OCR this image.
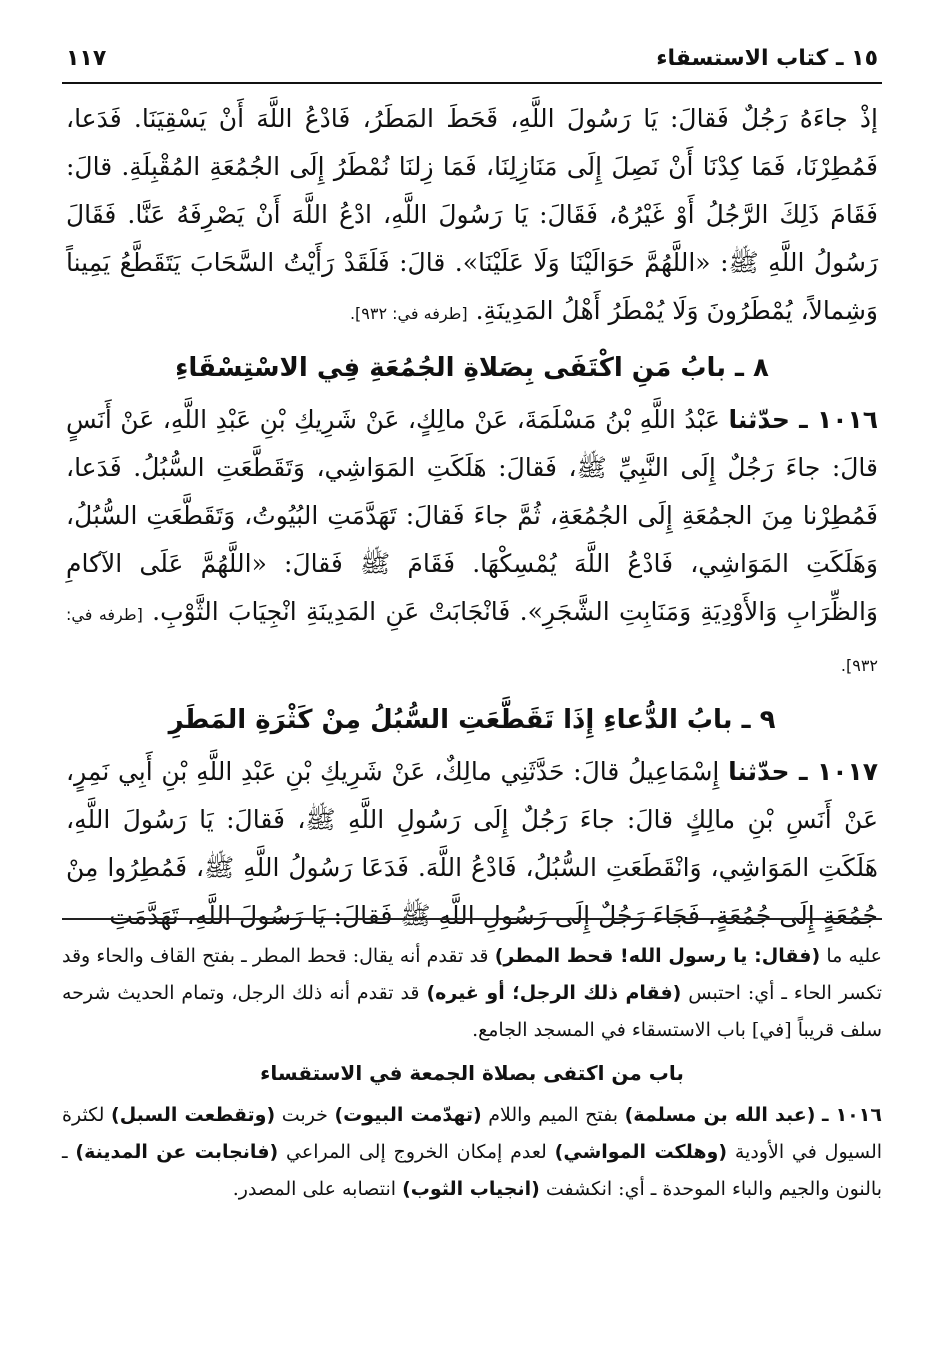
١٥ ـ كتاب الاستسقاء
١١٧

إذْ جاءَهُ رَجُلٌ فَقالَ: يَا رَسُولَ اللَّهِ، قَحَطَ المَطَرُ، فَادْعُ اللَّهَ أَنْ يَسْقِيَنَا. فَدَعا، فَمُطِرْنَا، فَمَا كِدْنَا أَنْ نَصِلَ إِلَى مَنَازِلِنَا، فَمَا زِلنَا نُمْطَرُ إِلَى الجُمُعَةِ المُقْبِلَةِ. قالَ: فَقَامَ ذَلِكَ الرَّجُلُ أَوْ غَيْرُهُ، فَقَالَ: يَا رَسُولَ اللَّهِ، ادْعُ اللَّهَ أَنْ يَصْرِفَهُ عَنَّا. فَقَالَ رَسُولُ اللَّهِ ﷺ: «اللَّهُمَّ حَوَالَيْنَا وَلَا عَلَيْنَا». قالَ: فَلَقَدْ رَأَيْتُ السَّحَابَ يَتَقَطَّعُ يَمِيناً وَشِمالاً، يُمْطَرُونَ وَلَا يُمْطَرُ أَهْلُ المَدِينَةِ. [طرفه في: ٩٣٢].

٨ ـ بابُ مَنِ اكْتَفَى بِصَلاةِ الجُمُعَةِ فِي الاسْتِسْقَاءِ

١٠١٦ ـ حدّثنا عَبْدُ اللَّهِ بْنُ مَسْلَمَةَ، عَنْ مالِكٍ، عَنْ شَرِيكِ بْنِ عَبْدِ اللَّهِ، عَنْ أَنَسٍ قالَ: جاءَ رَجُلٌ إِلَى النَّبِيِّ ﷺ، فَقالَ: هَلَكَتِ المَوَاشِي، وَتَقَطَّعَتِ السُّبُلُ. فَدَعا، فَمُطِرْنا مِنَ الجمُعَةِ إِلَى الجُمُعَةِ، ثُمَّ جاءَ فَقالَ: تَهَدَّمَتِ البُيُوتُ، وَتَقَطَّعَتِ السُّبُلُ، وَهَلَكَتِ المَوَاشِي، فَادْعُ اللَّهَ يُمْسِكْهَا. فَقَامَ ﷺ فَقالَ: «اللَّهُمَّ عَلَى الآكامِ وَالظِّرَابِ وَالأَوْدِيَةِ وَمَنَابِتِ الشَّجَرِ». فَانْجَابَتْ عَنِ المَدِينَةِ انْجِيَابَ الثَّوْبِ. [طرفه في: ٩٣٢].

٩ ـ بابُ الدُّعاءِ إِذَا تَقَطَّعَتِ السُّبُلُ مِنْ كَثْرَةِ المَطَرِ

١٠١٧ ـ حدّثنا إِسْمَاعِيلُ قالَ: حَدَّثَنِي مالِكٌ، عَنْ شَرِيكِ بْنِ عَبْدِ اللَّهِ بْنِ أَبِي نَمِرٍ، عَنْ أَنَسِ بْنِ مالِكٍ قالَ: جاءَ رَجُلٌ إِلَى رَسُولِ اللَّهِ ﷺ، فَقالَ: يَا رَسُولَ اللَّهِ، هَلَكَتِ المَوَاشِي، وَانْقَطَعَتِ السُّبُلُ، فَادْعُ اللَّهَ. فَدَعَا رَسُولُ اللَّهِ ﷺ، فَمُطِرُوا مِنْ جُمُعَةٍ إِلَى جُمُعَةٍ، فَجَاءَ رَجُلٌ إِلَى رَسُولِ اللَّهِ ﷺ فَقالَ: يَا رَسُولَ اللَّهِ، تَهَدَّمَتِ

عليه ما (فقال: يا رسول الله! قحط المطر) قد تقدم أنه يقال: قحط المطر ـ بفتح القاف والحاء وقد تكسر الحاء ـ أي: احتبس (فقام ذلك الرجل؛ أو غيره) قد تقدم أنه ذلك الرجل، وتمام الحديث شرحه سلف قريباً [في] باب الاستسقاء في المسجد الجامع.

باب من اكتفى بصلاة الجمعة في الاستقساء

١٠١٦ ـ (عبد الله بن مسلمة) بفتح الميم واللام (تهدّمت البيوت) خربت (وتقطعت السبل) لكثرة السيول في الأودية (وهلكت المواشي) لعدم إمكان الخروج إلى المراعي (فانجابت عن المدينة) ـ بالنون والجيم والباء الموحدة ـ أي: انكشفت (انجياب الثوب) انتصابه على المصدر.
